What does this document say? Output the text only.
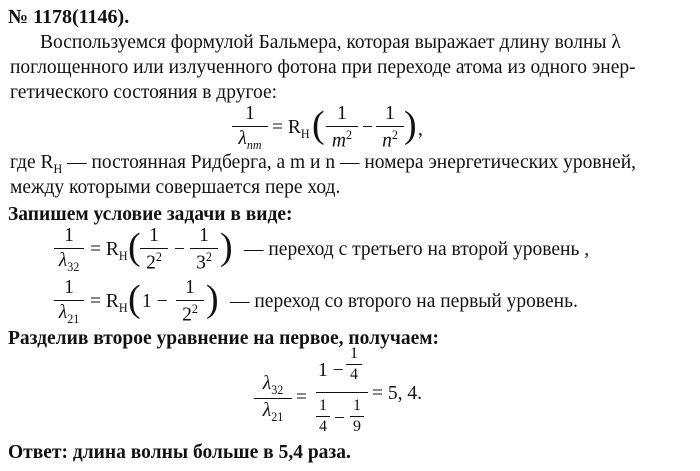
№ 1178(1146).
Воспользуемся формулой Бальмера, которая выражает длину волны λ
поглощенного или излученного фотона при переходе атома из одного энер-
гетического состояния в другое:
1
$\lambda_{nm}$
= $R_H$ ( 1
$m^2$ −
1
$n^2$ ) ,
где $R_H$ — постоянная Ридберга, а m и n — номера энергетических уровней,
между которыми совершается пере ход.
Запишем условие задачи в виде:
1
$\lambda_{32}$
= $R_H$ ( 1
$2^2$ −
1
$3^2$ ) — переход с третьего на второй уровень ,
1
$\lambda_{21}$
= $R_H$ ( 1 −
1
$2^2$ ) — переход со второго на первый уровень.
Разделив второе уравнение на первое, получаем:
$\lambda_{32}$
$\lambda_{21}$
=
1 −
1
4
1
4 −
1
9
= 5, 4.
Ответ: длина волны больше в 5,4 раза.
